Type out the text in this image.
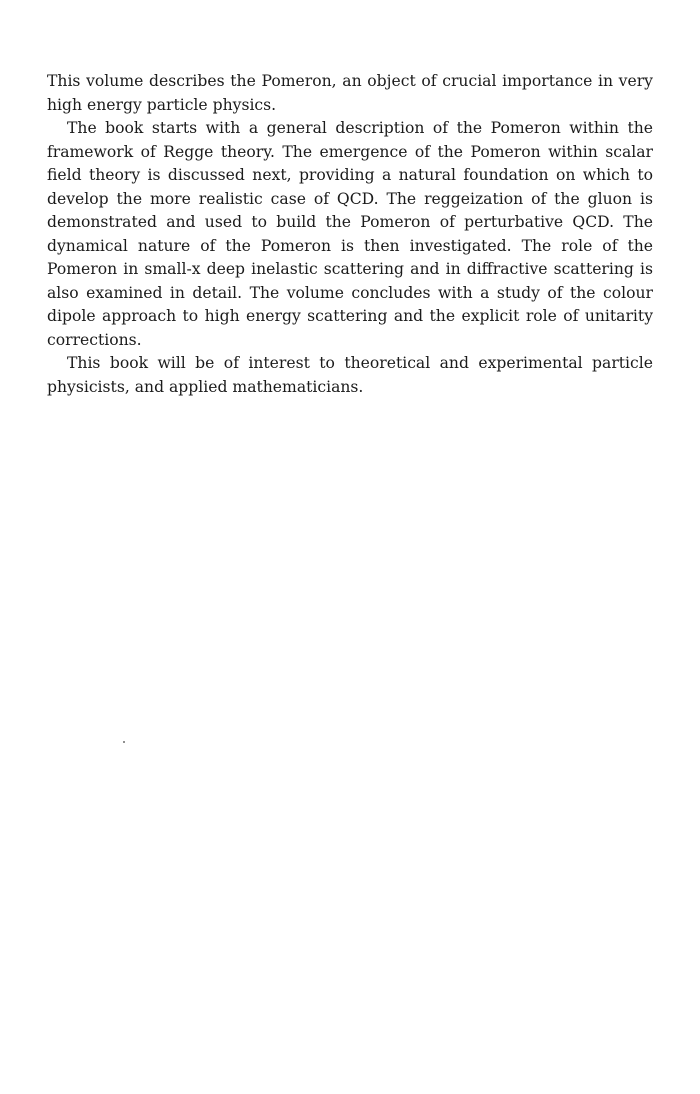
This volume describes the Pomeron, an object of crucial importance in very high energy particle physics.

The book starts with a general description of the Pomeron within the framework of Regge theory. The emergence of the Pomeron within scalar field theory is discussed next, providing a natural foundation on which to develop the more realistic case of QCD. The reggeization of the gluon is demonstrated and used to build the Pomeron of perturbative QCD. The dynamical nature of the Pomeron is then investigated. The role of the Pomeron in small-x deep inelastic scattering and in diffractive scattering is also examined in detail. The volume concludes with a study of the colour dipole approach to high energy scattering and the explicit role of unitarity corrections.

This book will be of interest to theoretical and experimental particle physicists, and applied mathematicians.
